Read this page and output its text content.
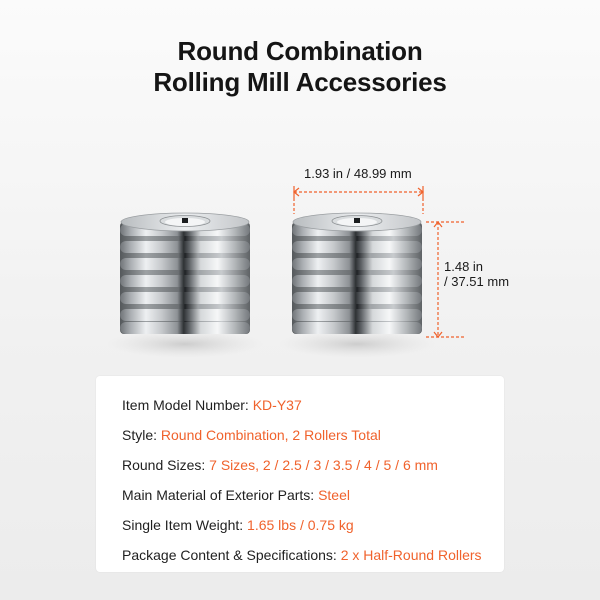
Round Combination
Rolling Mill Accessories
1.93 in / 48.99 mm
1.48 in
/ 37.51 mm
Item Model Number: KD-Y37
Style: Round Combination, 2 Rollers Total
Round Sizes: 7 Sizes, 2 / 2.5 / 3 / 3.5 / 4 / 5 / 6 mm
Main Material of Exterior Parts: Steel
Single Item Weight: 1.65 lbs / 0.75 kg
Package Content & Specifications: 2 x Half-Round Rollers
